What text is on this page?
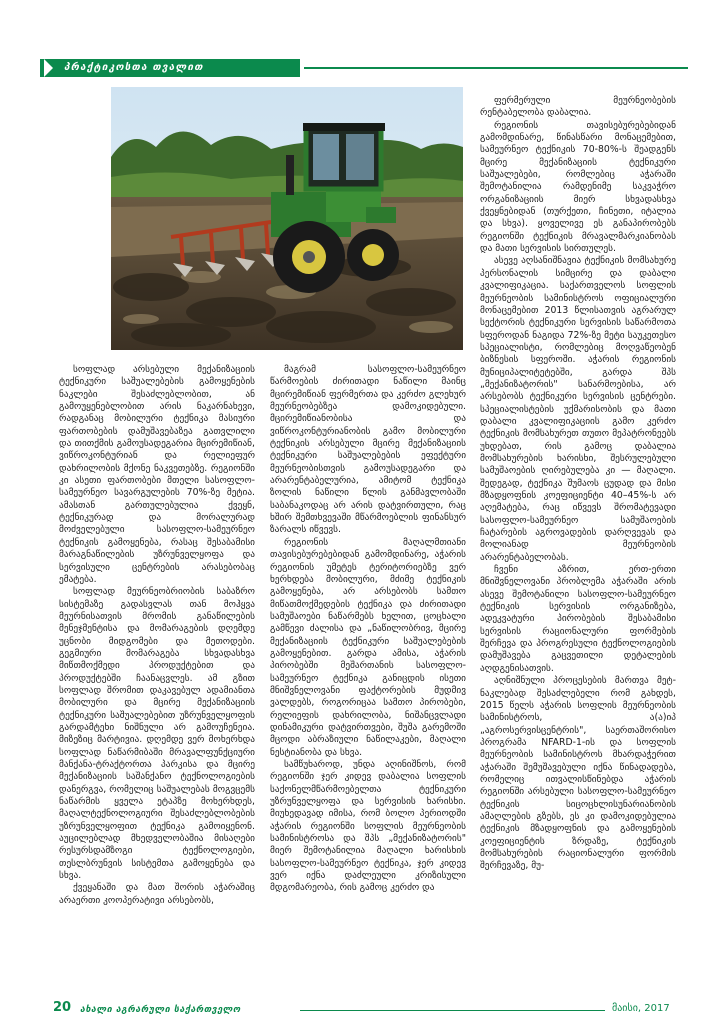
პრაქტიკოსთა თვალით

სოფლად არსებული მექანიზაციის ტექნიკური საშუალებების გამოყენების ნაკლები შესაძლებლობით, ან გამოუყენებლობით არის ნაკარნახევი, რადგანაც მობილური ტექნიკა მასიური ფართობების დამუშავებაზეა გათვლილი და თითქმის გამოუსადეგარია მცირემიწიან, ვიწროკონტურიან და რელიეფურ დახრილობის მქონე ნაკვეთებზე. რეგიონში კი ასეთი ფართობები მთელი სასოფლო-სამეურნეო სავარგულების 70%-ზე მეტია. ამასთან გართულებულია ქვეყნ, ტექნიკურად და მორალურად მოძველებული სასოფლო-სამეურნეო ტექნიკის გამოყენება, რასაც შესაბამისი მარაგნაწილების უზრუნველყოფა და სერვისული ცენტრების არასებობაც ემატება.

სოფლად მეურნეობრიობის საბაზრო სისტემაზე გადასვლას თან მოჰყვა მეურნისათვის მრომის განაწილების მენეჯმენტისა და მომარაგების დღემდე უცნობი მიდგომები და მეთოდები. გეგმიური მომარაგება სხვადასხვა მიწთმოქმედი პროდუქტებით და პროდუქტებში ჩაანაცვლეს. ამ გზით სოფლად შრომით დაკავებულ ადამიანთა მობილური და მცირე მექანიზაციის ტექნიკური საშუალებებით უზრუნველყოფის გარდამტეხი ნიშნული არ გამოუჩენეია. მიზეზიც მარტივია. დღემდე ვერ მოხერხდა სოფლად ნაწარმიბაში მრავალფუნქციური მანქანა-ტრაქტორთა პარკისა და მცირე მექანიზაციის საშანქანო ტექნოლოგიების დანერგვა, რომელიც საშუალებას მოგვცემს ნაწარმის ყველა ეტაპზე მოხერხდეს, მაღალტექნოლოგიური შესაძლებლობების უზრუნველყოფით ტექნიკა გამოიყენონ. აუცილებლად მხედველობაშია მისაღები რესურსდამზოგი ტექნოლოგიები, თესლბრუნვის სისტემთა გამოყენება და სხვა.

ქვეყანაში და მათ შორის აჭარაშიც არაერთი კოოპერატივი არსებობს,

მაგრამ სასოფლო-სამეურნეო წარმოების ძირითადი ნაწილი მაინც მცირემიწიან ფერმერთა და კერძო გლეხურ მეურნეობებზეა დამოკიდებული. მცირემიწიანობისა და ვიწროკონტურიანობის გამო მობილური ტექნიკის არსებული მცირე მექანიზაციის ტექნიკური საშუალებების ეფექტური მეურნეობისთვის გამოუსადეგარი და არარენტაბელურია, ამიტომ ტექნიკა ზოლის ნაწილი წლის განმავლობაში საბანაკოდაც არ არის დატვირთული, რაც ხშირ შემთხვევაში მწარმოებლის ფინანსურ ზარალს იწვევს.

რეგიონის მაღალმთიანი თავისებურებებიდან გამომდინარე, აჭარის რეგიონის უმეტეს ტერიტორიებზე ვერ ხერხდება მობილური, მძიმე ტექნიკის გამოყენება, არ არსებობს სამთო მიწათმოქმედების ტექნიკა და ძირითადი სამუშაოები ნაწარმებს ხელით, ცოცხალი გამწევი ძალისა და „ნაწილობრივ, მცირე მექანიზაციის ტექნიკური საშუალებების გამოყენებით. გარდა ამისა, აჭარის პირობებში მეშართანის სასოფლო-სამეურნეო ტექნიკა განიცდის ისეთი მნიშვნელოვანი ფაქტორების მუდმივ ვალდებს, როგორიცაა სამთო პირობები, რელიეფის დახრილობა, ნიშანცვლადი დინამიკური დატვირთვები, შუშა გარემოში მცოდი აბრაზიული ნაწილაკები, მაღალი ნესტიანობა და სხვა.

სამწუხაროდ, უნდა აღინიშნოს, რომ რეგიონში ჯერ კიდევ დაბალია სოფლის საქონელმწარმოებელთა ტექნიკური უზრუნველყოფა და სერვისის ხარისხი. მიუხედავად იმისა, რომ ბოლო პერიოდში აჭარის რეგიონში სოფლის მეურნეობის სამინისტროსა და შპს „მექანიზატორის" მიერ შემოტანილია მაღალი ხარისხის სასოფლო-სამეურნეო ტექნიკა, ჯერ კიდევ ვერ იქნა დაძლეული კრიზისული მდგომარეობა, რის გამოც კერძო და

ფერმერული მეურნეობების რენტაბელობა დაბალია.

რეგიონის თავისებურებებიდან გამომდინარე, წინასწარი მონაცემებით, სამეურნეო ტექნიკის 70-80%-ს შეადგენს მცირე მექანიზაციის ტექნიკური საშუალებები, რომლებიც აჭარაში შემოტანილია რამდენიმე საკვაჭრო ორგანიზაციის მიერ სხვადასხვა ქვეყნებიდან (თურქეთი, ჩინეთი, იტალია და სხვა). ყოველივე ეს განაპირობებს რეგიონში ტექნიკის მრავალმარკიანობას და მათი სერვისის სირთულეს.

ასევე აღსანიშნავია ტექნიკის მომსახურე პერსონალის სიმცირე და დაბალი კვალიფიკაცია. საქართველოს სოფლის მეურნეობის სამინისტროს ოფიციალური მონაცემებით 2013 წლისათვის აგრარულ სექტორის ტექნიკური სერვისის საწარმოთა სფეროდან ნაგიდა 72%-ზე მეტი საუკეთესო სპეციალისტი, რომლებიც მოღვაწეობენ ბიზნესის სფეროში. აჭარის რეგიონის მუნიციპალიტეტებში, გარდა შპს „მექანიზატორის" სანარმოებისა, არ არსებობს ტექნიკური სერვისის ცენტრები. სპეციალისტების უქმარისობის და მათი დაბალი კვალიფიკაციის გამო კერძო ტექნიკის მომსახურეთ თუთო მეპატრონეებს უხდებათ, რის გამოც დაბალია მომსახურების ხარისხი, შესრულებული სამუშაოების ღირებულება კი — მაღალი. შედეგად, ტექნიკა შუმაოს ცუდად და მისი მზადყოფნის კოეფიციენტი 40–45%-ს არ აღემატება, რაც იწვევს შრომატევადი სასოფლო-სამეურნეო სამუშაოების ჩატარების აგროვადების დარღვევას და მოლიანად მეურნეობის არარენტაბელობას.

ჩვენი აზრით, ერთ-ერთი მნიშვნელოვანი პრობლემა აჭარაში არის ასევე შემოტანილი სასოფლო-სამეურნეო ტექნიკის სერვისის ორგანიზება, ადეკვატური პირობების შესაბამისი სერვისის რაციონალური ფორმების შერჩევა და პროგრესული ტექნოლოგიების დამუშავება გაცვეთილი დეტალების აღდგენისათვის.

აღნიშნული პროცესების მართვა მეტ-ნაკლებად შესაძლებელი რომ გახდეს, 2015 წელს აჭარის სოფლის მეურნეობის სამინისტროს, ა(ა)იპ „აგროსერვისცენტრის", საერთაშორისო პროგრამა NFARD-1-ის და სოფლის მეურნეობის სამინისტროს მხარდაჭერით აჭარაში შემუშავებული იქნა წინადადება, რომელიც ითვალისწინებდა აჭარის რეგიონში არსებული სასოფლო-სამეურნეო ტექნიკის სიცოცხლისუნარიანობის ამაღლების გზებს, ეს კი დამოკიდებულია ტექნიკის მზადყოფნის და გამოყენების კოეფიციენტის ზრდაზე, ტექნიკის მომსახურების რაციონალური ფორმის შერჩევაზე, მუ-

20 ახალი აგრარული საქართველო	მაისი, 2017
